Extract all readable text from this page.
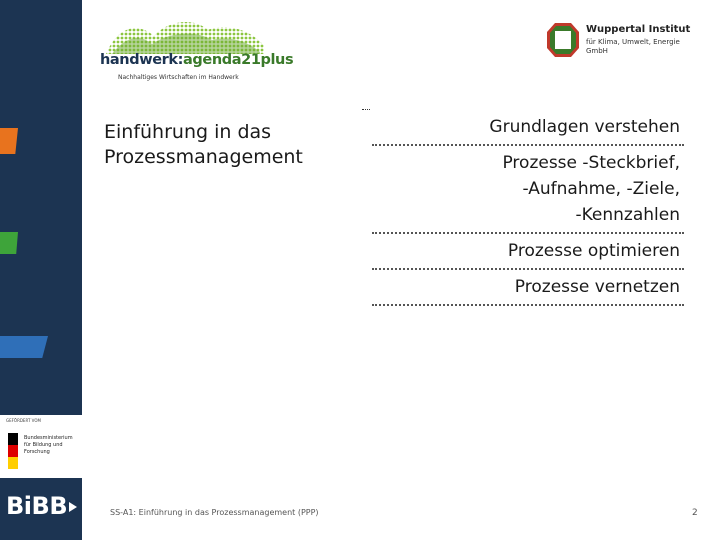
GEFÖRDERT VOM
Bundesministerium für Bildung und Forschung
BiBB
handwerk:agenda21plus
Nachhaltiges Wirtschaften im Handwerk
Wuppertal Institut
für Klima, Umwelt, Energie GmbH
Einführung in das
Prozessmanagement
Grundlagen verstehen
Prozesse -Steckbrief,
-Aufnahme, -Ziele,
-Kennzahlen
Prozesse optimieren
Prozesse vernetzen
SS-A1: Einführung in das Prozessmanagement (PPP)	2
